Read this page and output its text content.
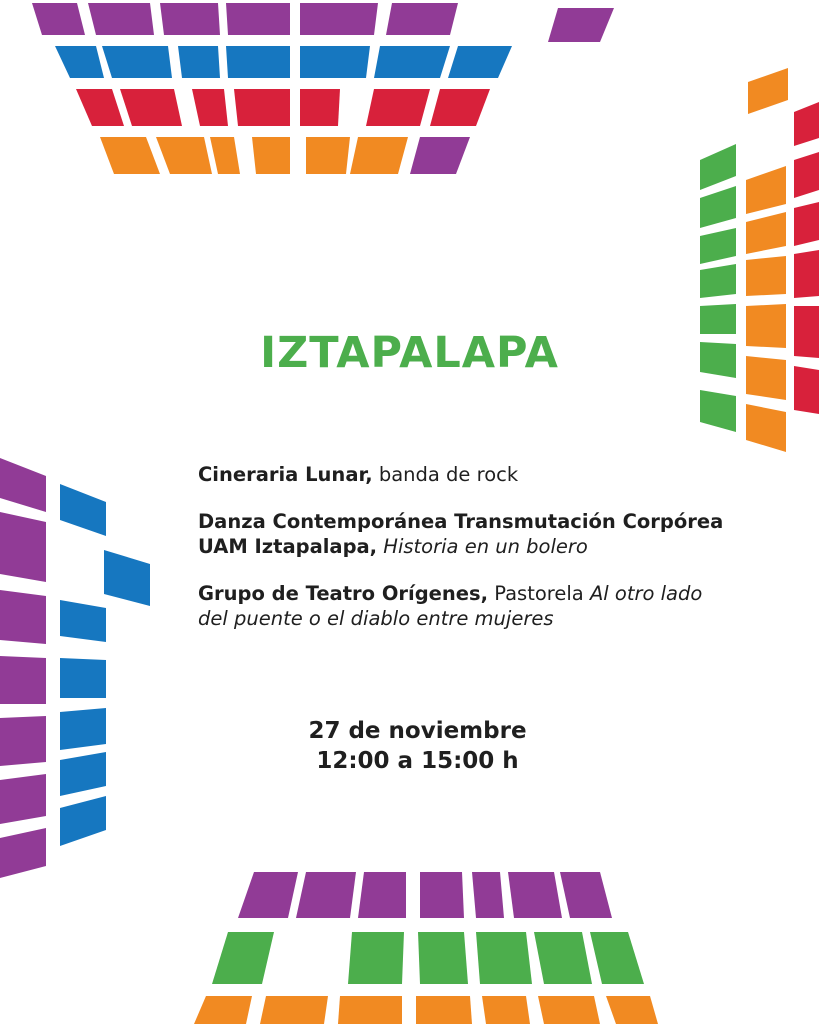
IZTAPALAPA

Cineraria Lunar, banda de rock

Danza Contemporánea Transmutación Corpórea UAM Iztapalapa, Historia en un bolero

Grupo de Teatro Orígenes, Pastorela Al otro lado del puente o el diablo entre mujeres

27 de noviembre
12:00 a 15:00 h
